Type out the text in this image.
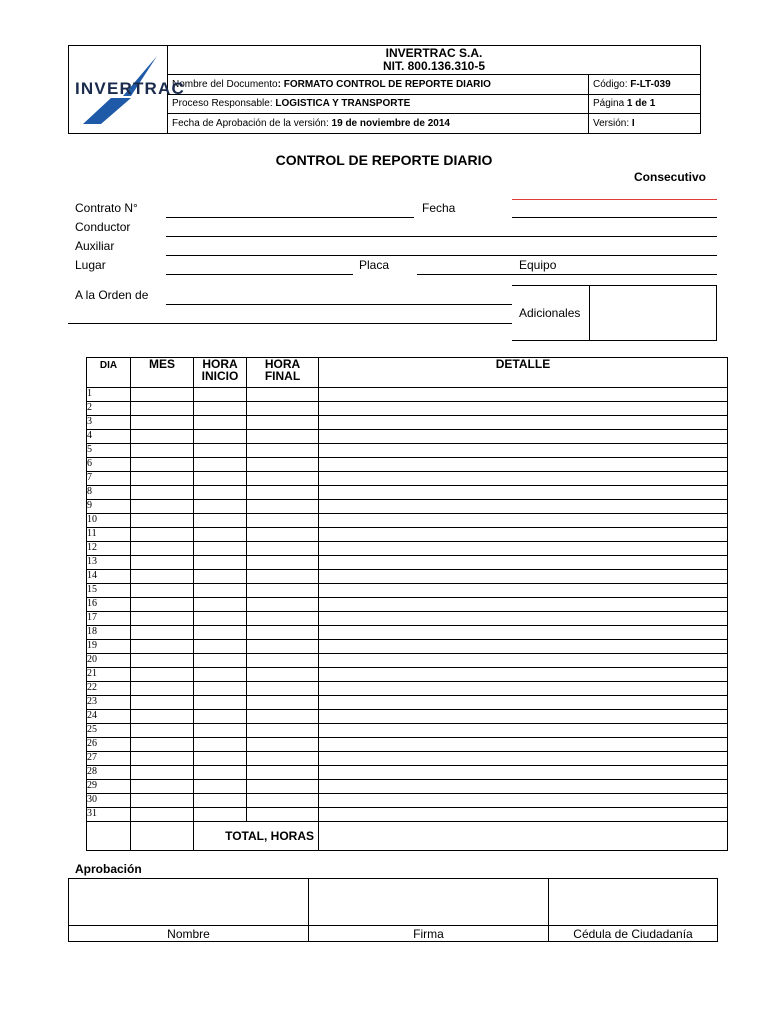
INVERTRAC	INVERTRAC S.A.
NIT. 800.136.310-5	

	Nombre del Documento: FORMATO CONTROL DE REPORTE DIARIO	Código: F-LT-039
	Proceso Responsable: LOGISTICA Y TRANSPORTE	Página 1 de 1
	Fecha de Aprobación de la versión: 19 de noviembre de 2014	Versión: I
CONTROL DE REPORTE DIARIO
Consecutivo
Contrato N°	Fecha
Conductor
Auxiliar
Lugar	Placa	Equipo
A la Orden de
Adicionales
DIA	MES	HORA INICIO	HORA FINAL	DETALLE
1				
2				
3				
4				
5				
6				
7				
8				
9				
10				
11				
12				
13				
14				
15				
16				
17				
18				
19				
20				
21				
22				
23				
24				
25				
26				
27				
28				
29				
30				
31				
		TOTAL, HORAS		
Aprobación

Nombre	Firma	Cédula de Ciudadanía
